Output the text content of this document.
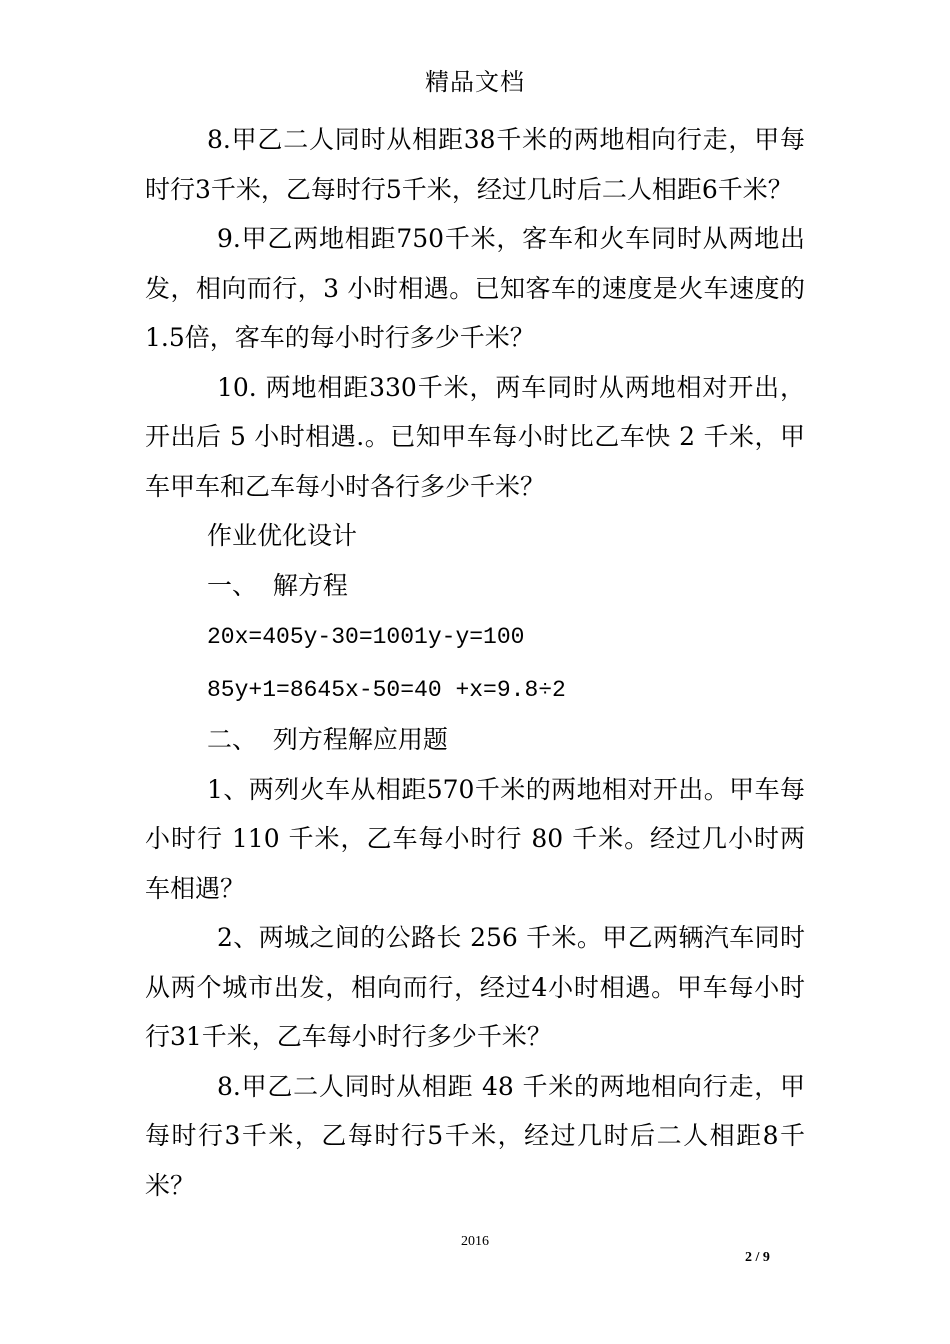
精品文档

8.甲乙二人同时从相距38千米的两地相向行走，甲每时行3千米，乙每时行5千米，经过几时后二人相距6千米？

9.甲乙两地相距750千米，客车和火车同时从两地出发，相向而行，3 小时相遇。已知客车的速度是火车速度的1.5倍，客车的每小时行多少千米？

10. 两地相距330千米，两车同时从两地相对开出，开出后 5 小时相遇.。已知甲车每小时比乙车快 2 千米，甲车甲车和乙车每小时各行多少千米？

作业优化设计

一、  解方程

20x=405y-30=1001y-y=100

85y+1=8645x-50=40 +x=9.8÷2

二、  列方程解应用题

1、两列火车从相距570千米的两地相对开出。甲车每小时行 110 千米，乙车每小时行 80 千米。经过几小时两车相遇？

2、两城之间的公路长 256 千米。甲乙两辆汽车同时从两个城市出发，相向而行，经过4小时相遇。甲车每小时行31千米，乙车每小时行多少千米？

8.甲乙二人同时从相距 48 千米的两地相向行走，甲每时行3千米，乙每时行5千米，经过几时后二人相距8千米？

2016
2 / 9
